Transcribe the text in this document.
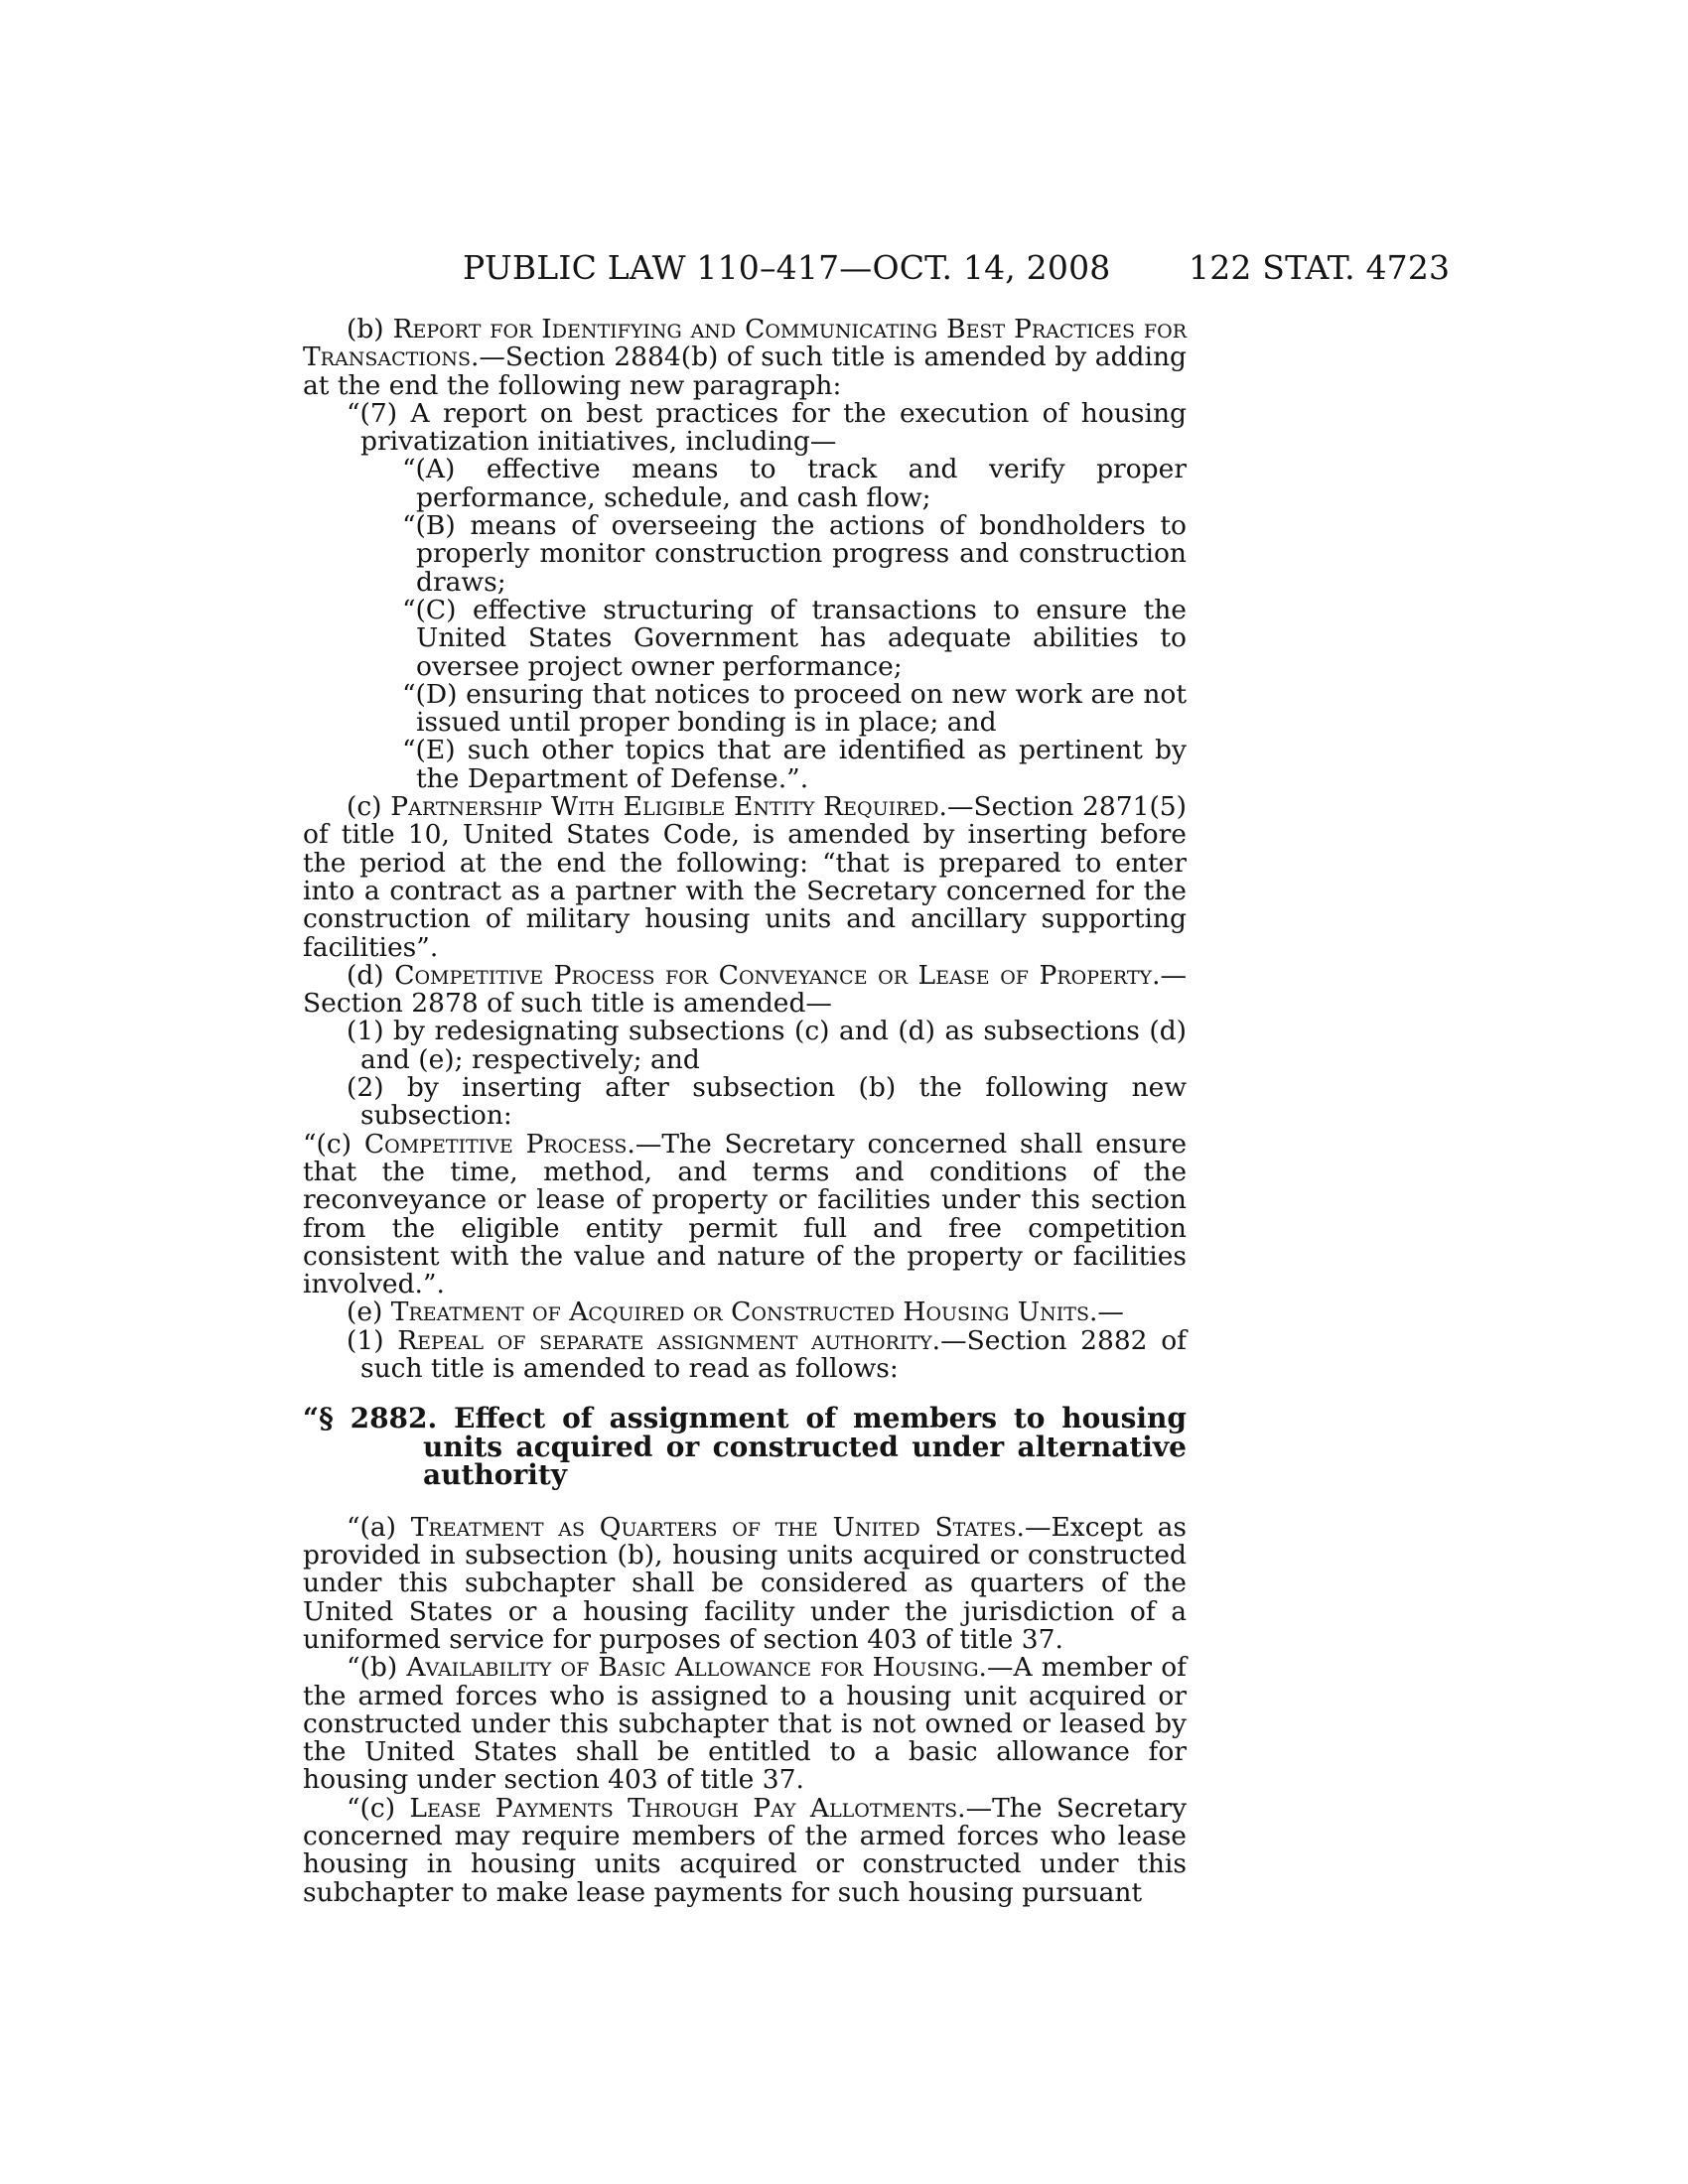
PUBLIC LAW 110–417—OCT. 14, 2008 122 STAT. 4723

(b) Report for Identifying and Communicating Best Practices for Transactions.—Section 2884(b) of such title is amended by adding at the end the following new paragraph:

“(7) A report on best practices for the execution of housing privatization initiatives, including—

“(A) effective means to track and verify proper performance, schedule, and cash flow;

“(B) means of overseeing the actions of bondholders to properly monitor construction progress and construction draws;

“(C) effective structuring of transactions to ensure the United States Government has adequate abilities to oversee project owner performance;

“(D) ensuring that notices to proceed on new work are not issued until proper bonding is in place; and

“(E) such other topics that are identified as pertinent by the Department of Defense.”.

(c) Partnership With Eligible Entity Required.—Section 2871(5) of title 10, United States Code, is amended by inserting before the period at the end the following: “that is prepared to enter into a contract as a partner with the Secretary concerned for the construction of military housing units and ancillary supporting facilities”.

(d) Competitive Process for Conveyance or Lease of Property.—Section 2878 of such title is amended—

(1) by redesignating subsections (c) and (d) as subsections (d) and (e); respectively; and

(2) by inserting after subsection (b) the following new subsection:

“(c) Competitive Process.—The Secretary concerned shall ensure that the time, method, and terms and conditions of the reconveyance or lease of property or facilities under this section from the eligible entity permit full and free competition consistent with the value and nature of the property or facilities involved.”.

(e) Treatment of Acquired or Constructed Housing Units.—

(1) Repeal of separate assignment authority.—Section 2882 of such title is amended to read as follows:

“§ 2882. Effect of assignment of members to housing units acquired or constructed under alternative authority

“(a) Treatment as Quarters of the United States.—Except as provided in subsection (b), housing units acquired or constructed under this subchapter shall be considered as quarters of the United States or a housing facility under the jurisdiction of a uniformed service for purposes of section 403 of title 37.

“(b) Availability of Basic Allowance for Housing.—A member of the armed forces who is assigned to a housing unit acquired or constructed under this subchapter that is not owned or leased by the United States shall be entitled to a basic allowance for housing under section 403 of title 37.

“(c) Lease Payments Through Pay Allotments.—The Secretary concerned may require members of the armed forces who lease housing in housing units acquired or constructed under this subchapter to make lease payments for such housing pursuant
